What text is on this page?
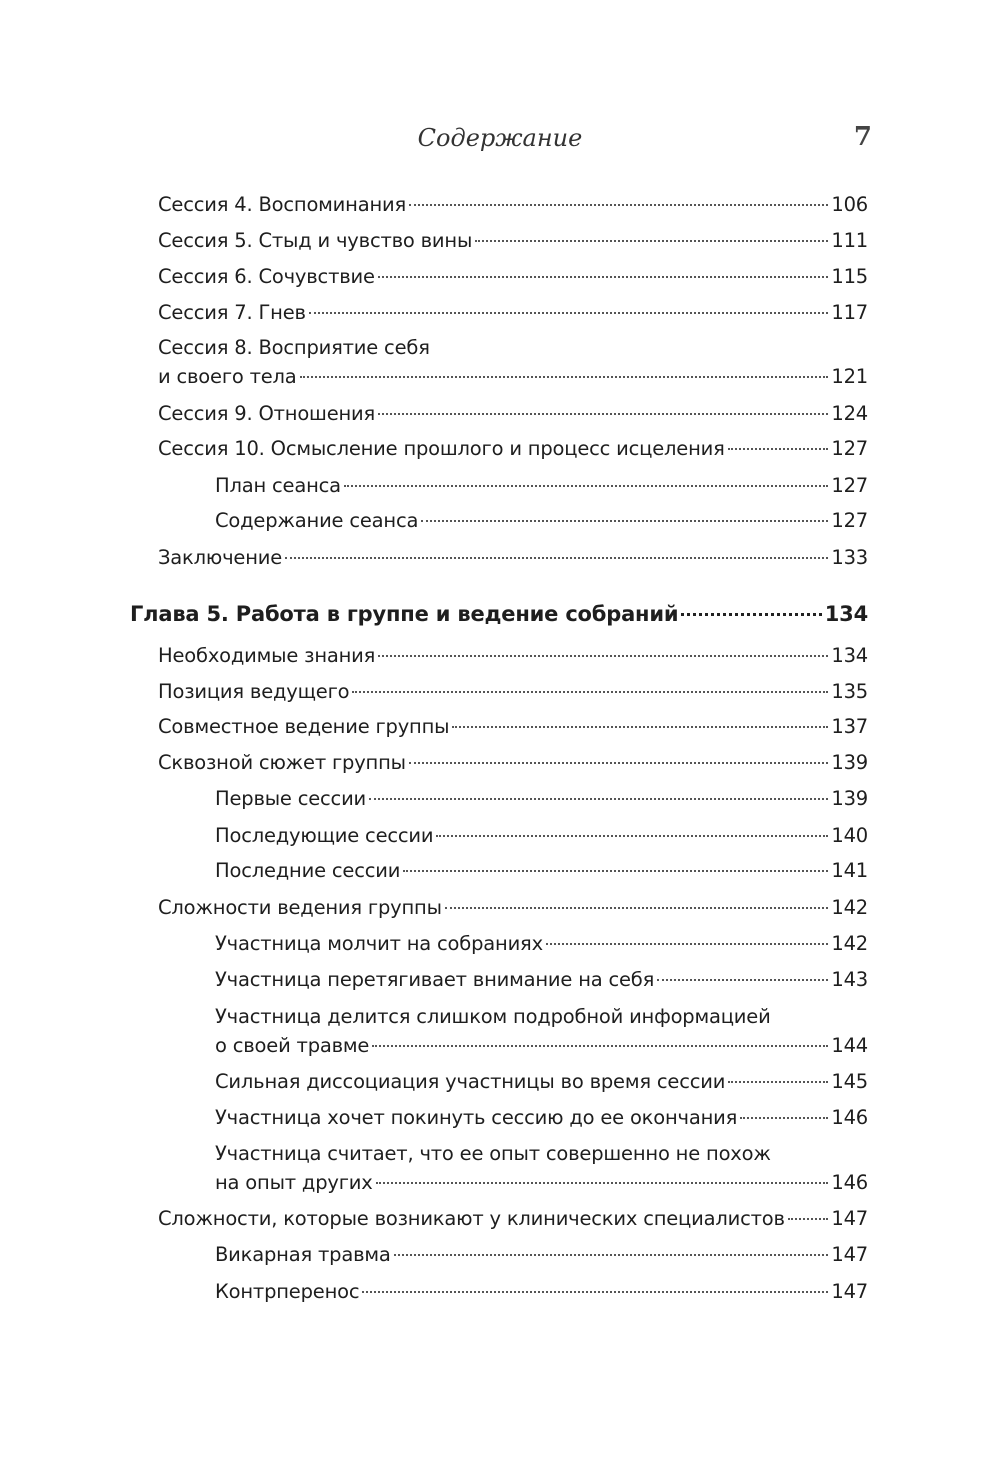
Содержание	7
Сессия 4. Воспоминания	106
Сессия 5. Стыд и чувство вины	111
Сессия 6. Сочувствие	115
Сессия 7. Гнев	117
Сессия 8. Восприятие себя
и своего тела	121
Сессия 9. Отношения	124
Сессия 10. Осмысление прошлого и процесс исцеления	127
План сеанса	127
Содержание сеанса	127
Заключение	133
Глава 5. Работа в группе и ведение собраний	134
Необходимые знания	134
Позиция ведущего	135
Совместное ведение группы	137
Сквозной сюжет группы	139
Первые сессии	139
Последующие сессии	140
Последние сессии	141
Сложности ведения группы	142
Участница молчит на собраниях	142
Участница перетягивает внимание на себя	143
Участница делится слишком подробной информацией
о своей травме	144
Сильная диссоциация участницы во время сессии	145
Участница хочет покинуть сессию до ее окончания	146
Участница считает, что ее опыт совершенно не похож
на опыт других	146
Сложности, которые возникают у клинических специалистов 147
Викарная травма	147
Контрперенос	147
